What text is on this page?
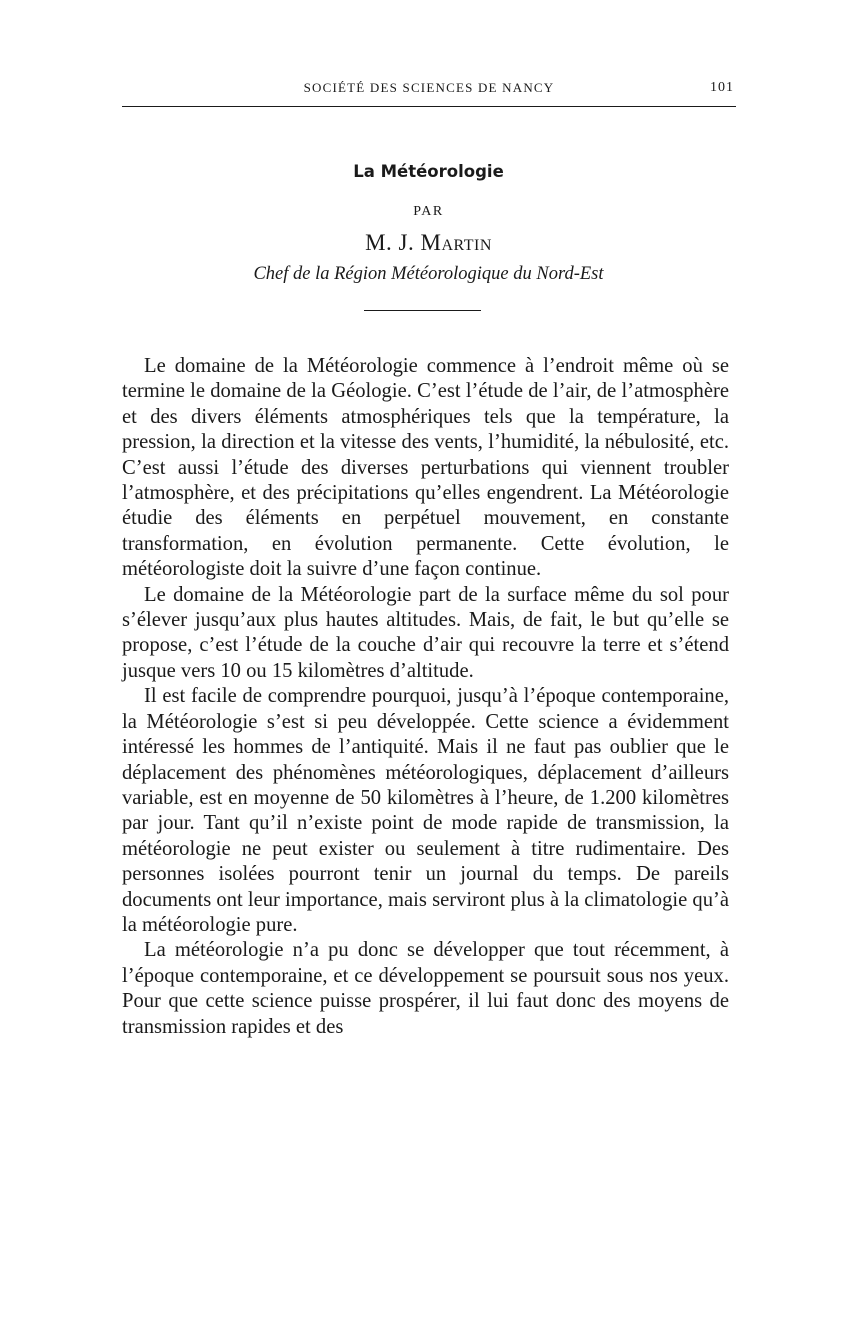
SOCIÉTÉ DES SCIENCES DE NANCY	101
La Météorologie
PAR
M. J. Martin
Chef de la Région Météorologique du Nord-Est

Le domaine de la Météorologie commence à l’endroit même où se termine le domaine de la Géologie. C’est l’étude de l’air, de l’atmosphère et des divers éléments atmosphériques tels que la température, la pression, la direction et la vitesse des vents, l’humidité, la nébulosité, etc. C’est aussi l’étude des diverses perturbations qui viennent troubler l’atmosphère, et des précipitations qu’elles engendrent. La Météorologie étudie des éléments en perpétuel mouvement, en constante transformation, en évolution permanente. Cette évolution, le météorologiste doit la suivre d’une façon continue.

Le domaine de la Météorologie part de la surface même du sol pour s’élever jusqu’aux plus hautes altitudes. Mais, de fait, le but qu’elle se propose, c’est l’étude de la couche d’air qui recouvre la terre et s’étend jusque vers 10 ou 15 kilomètres d’altitude.

Il est facile de comprendre pourquoi, jusqu’à l’époque contemporaine, la Météorologie s’est si peu développée. Cette science a évidemment intéressé les hommes de l’antiquité. Mais il ne faut pas oublier que le déplacement des phénomènes météorologiques, déplacement d’ailleurs variable, est en moyenne de 50 kilomètres à l’heure, de 1.200 kilomètres par jour. Tant qu’il n’existe point de mode rapide de transmission, la météorologie ne peut exister ou seulement à titre rudimentaire. Des personnes isolées pourront tenir un journal du temps. De pareils documents ont leur importance, mais serviront plus à la climatologie qu’à la météorologie pure.

La météorologie n’a pu donc se développer que tout récemment, à l’époque contemporaine, et ce développement se poursuit sous nos yeux. Pour que cette science puisse prospérer, il lui faut donc des moyens de transmission rapides et des
